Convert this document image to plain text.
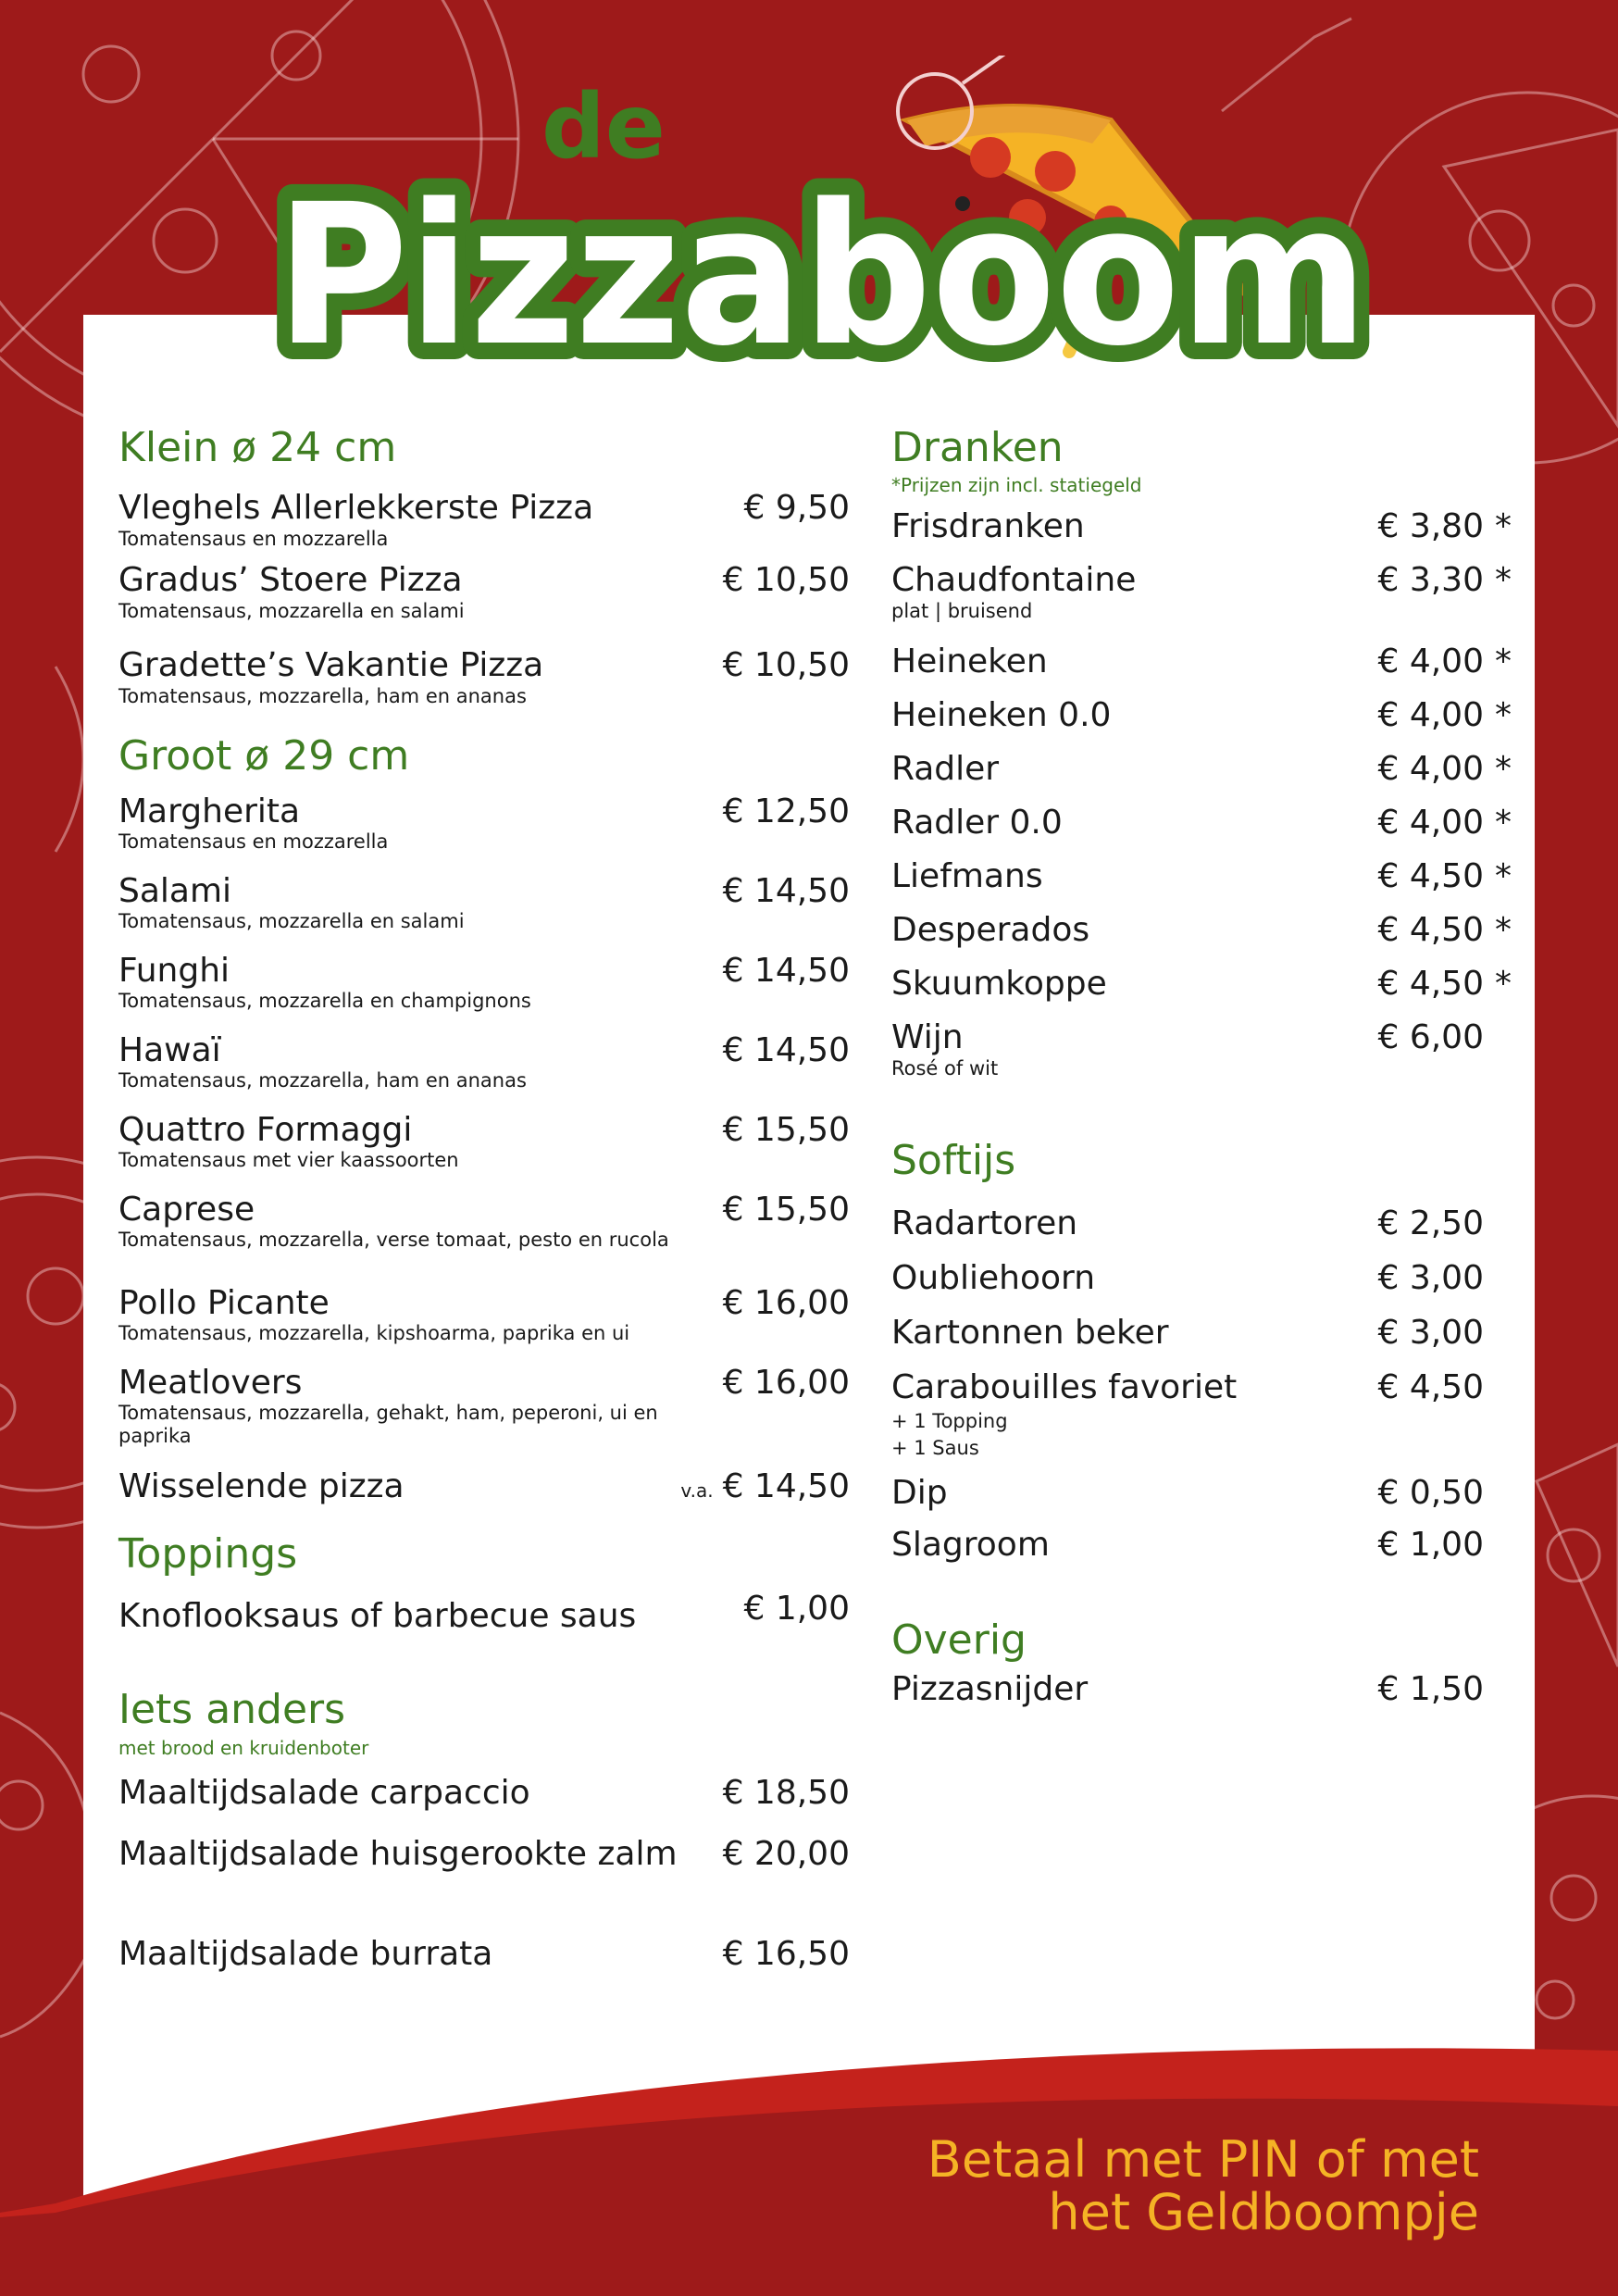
de
Pizzaboom
Klein ø 24 cm
Vleghels Allerlekkerste Pizza
Tomatensaus en mozzarella
€ 9,50
Gradus’ Stoere Pizza
Tomatensaus, mozzarella en salami
€ 10,50
Gradette’s Vakantie Pizza
Tomatensaus, mozzarella, ham en ananas
€ 10,50
Groot ø 29 cm
Margherita
Tomatensaus en mozzarella
€ 12,50
Salami
Tomatensaus, mozzarella en salami
€ 14,50
Funghi
Tomatensaus, mozzarella en champignons
€ 14,50
Hawaï
Tomatensaus, mozzarella, ham en ananas
€ 14,50
Quattro Formaggi
Tomatensaus met vier kaassoorten
€ 15,50
Caprese
Tomatensaus, mozzarella, verse tomaat, pesto en rucola
€ 15,50
Pollo Picante
Tomatensaus, mozzarella, kipshoarma, paprika en ui
€ 16,00
Meatlovers
Tomatensaus, mozzarella, gehakt, ham, peperoni, ui en paprika
€ 16,00
Wisselende pizza	v.a. € 14,50
Toppings
Knoflooksaus of barbecue saus	€ 1,00
Iets anders
met brood en kruidenboter
Maaltijdsalade carpaccio	€ 18,50
Maaltijdsalade huisgerookte zalm	€ 20,00
Maaltijdsalade burrata	€ 16,50
Dranken
*Prijzen zijn incl. statiegeld
Frisdranken	€ 3,80 *
Chaudfontaine
plat | bruisend
€ 3,30 *
Heineken	€ 4,00 *
Heineken 0.0	€ 4,00 *
Radler	€ 4,00 *
Radler 0.0	€ 4,00 *
Liefmans	€ 4,50 *
Desperados	€ 4,50 *
Skuumkoppe	€ 4,50 *
Wijn
Rosé of wit
€ 6,00
Softijs
Radartoren	€ 2,50
Oubliehoorn	€ 3,00
Kartonnen beker	€ 3,00
Carabouilles favoriet
+ 1 Topping
+ 1 Saus
€ 4,50
Dip	€ 0,50
Slagroom	€ 1,00
Overig
Pizzasnijder	€ 1,50
Betaal met PIN of met
het Geldboompje
